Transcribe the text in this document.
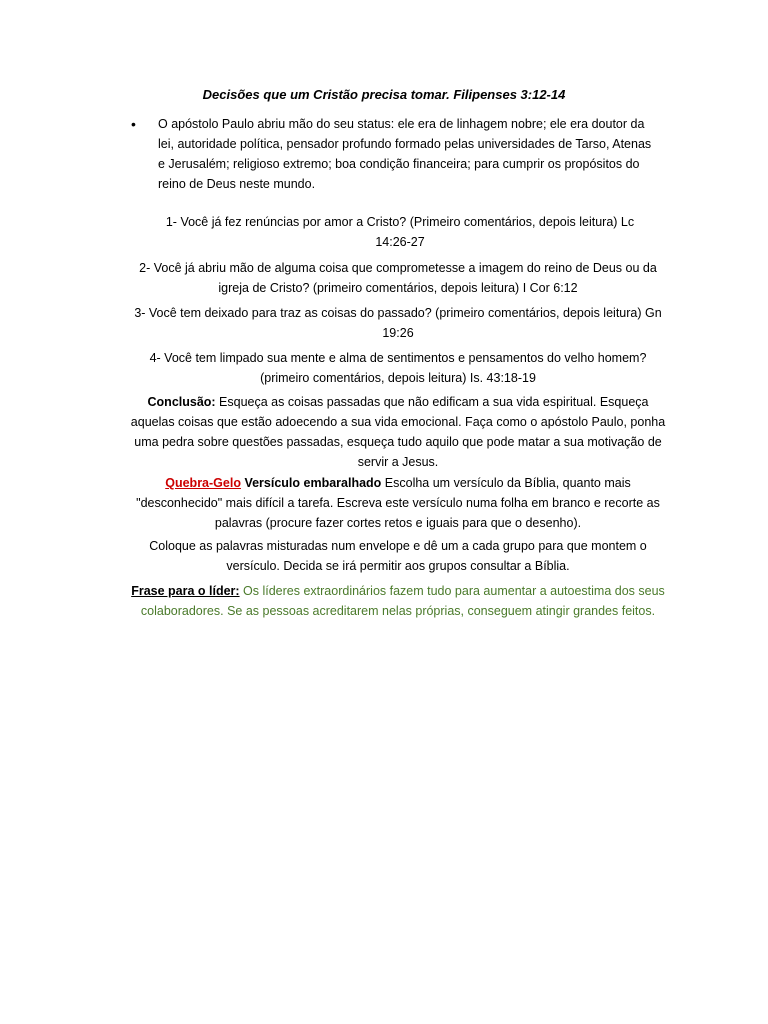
Decisões que um Cristão precisa tomar. Filipenses 3:12-14
• O apóstolo Paulo abriu mão do seu status: ele era de linhagem nobre; ele era doutor da lei, autoridade política, pensador profundo formado pelas universidades de Tarso, Atenas e Jerusalém; religioso extremo; boa condição financeira; para cumprir os propósitos do reino de Deus neste mundo.
1- Você já fez renúncias por amor a Cristo? (Primeiro comentários, depois leitura) Lc 14:26-27
2- Você já abriu mão de alguma coisa que comprometesse a imagem do reino de Deus ou da igreja de Cristo? (primeiro comentários, depois leitura) I Cor 6:12
3- Você tem deixado para traz as coisas do passado? (primeiro comentários, depois leitura) Gn 19:26
4- Você tem limpado sua mente e alma de sentimentos e pensamentos do velho homem? (primeiro comentários, depois leitura) Is. 43:18-19
Conclusão: Esqueça as coisas passadas que não edificam a sua vida espiritual. Esqueça aquelas coisas que estão adoecendo a sua vida emocional. Faça como o apóstolo Paulo, ponha uma pedra sobre questões passadas, esqueça tudo aquilo que pode matar a sua motivação de servir a Jesus.
Quebra-Gelo Versículo embaralhado Escolha um versículo da Bíblia, quanto mais "desconhecido" mais difícil a tarefa. Escreva este versículo numa folha em branco e recorte as palavras (procure fazer cortes retos e iguais para que o desenho).
Coloque as palavras misturadas num envelope e dê um a cada grupo para que montem o versículo. Decida se irá permitir aos grupos consultar a Bíblia.
Frase para o líder: Os líderes extraordinários fazem tudo para aumentar a autoestima dos seus colaboradores. Se as pessoas acreditarem nelas próprias, conseguem atingir grandes feitos.
